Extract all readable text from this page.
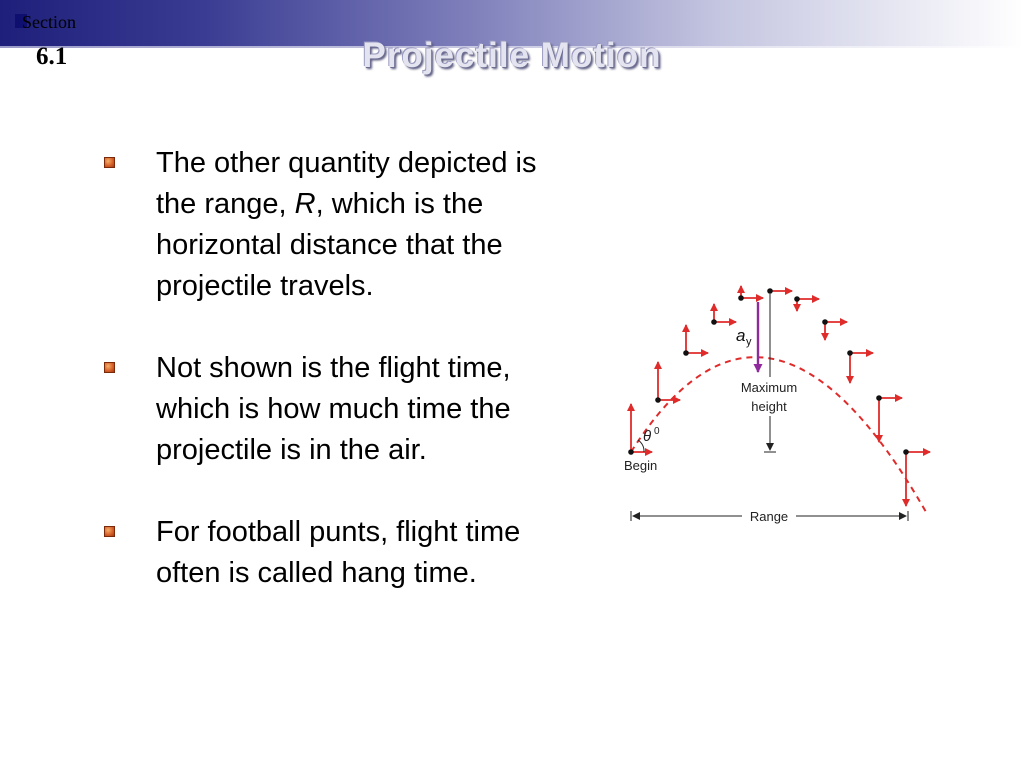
Section
6.1	Projectile Motion
The other quantity depicted is the range, R, which is the horizontal distance that the projectile travels.
Not shown is the flight time, which is how much time the projectile is in the air.
For football punts, flight time often is called hang time.
a y
Maximum
height
θ 0
Begin
Range
